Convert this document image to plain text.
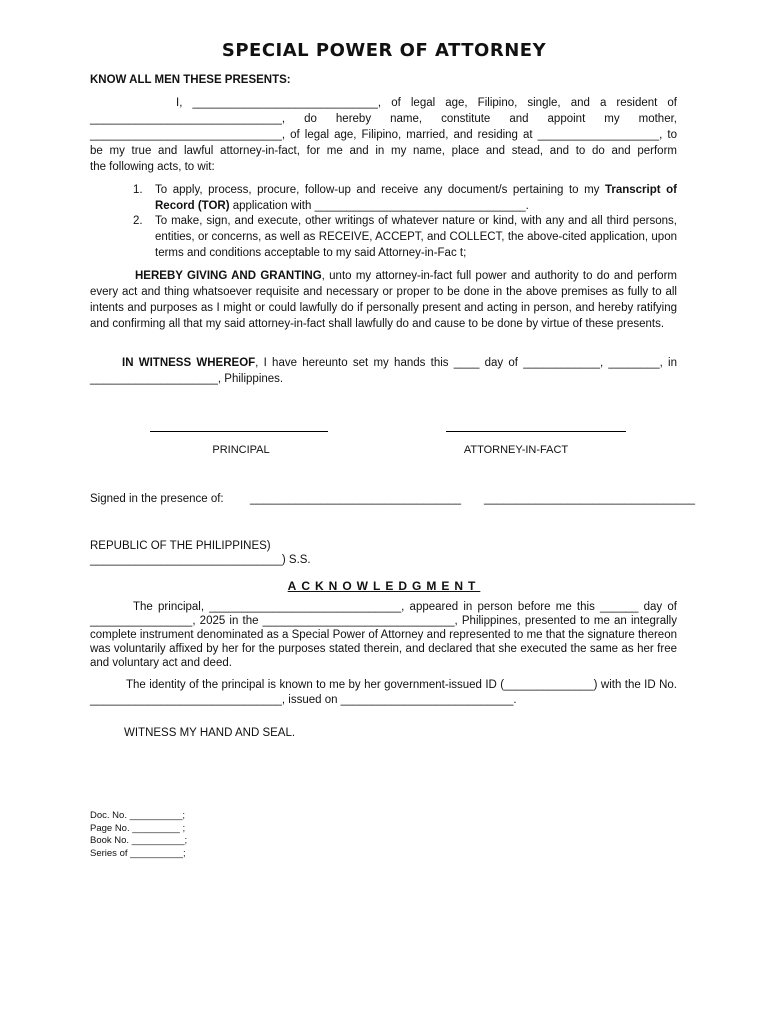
SPECIAL POWER OF ATTORNEY
KNOW ALL MEN THESE PRESENTS:
I, _____________________________, of legal age, Filipino, single, and a resident of
______________________________, do hereby name, constitute and appoint my mother,
______________________________, of legal age, Filipino, married, and residing at ___________________, to
be my true and lawful attorney-in-fact, for me and in my name, place and stead, and to do and perform
the following acts, to wit:
1. To apply, process, procure, follow-up and receive any document/s pertaining to my Transcript of Record (TOR) application with _________________________________.
2. To make, sign, and execute, other writings of whatever nature or kind, with any and all third persons, entities, or concerns, as well as RECEIVE, ACCEPT, and COLLECT, the above-cited application, upon terms and conditions acceptable to my said Attorney-in-Fac t;
HEREBY GIVING AND GRANTING, unto my attorney-in-fact full power and authority to do and perform every act and thing whatsoever requisite and necessary or proper to be done in the above premises as fully to all intents and purposes as I might or could lawfully do if personally present and acting in person, and hereby ratifying and confirming all that my said attorney-in-fact shall lawfully do and cause to be done by virtue of these presents.
IN WITNESS WHEREOF, I have hereunto set my hands this ____ day of ____________, ________, in
____________________, Philippines.
PRINCIPAL	ATTORNEY-IN-FACT
Signed in the presence of: _________________________________ _________________________________
REPUBLIC OF THE PHILIPPINES)
______________________________) S.S.
ACKNOWLEDGMENT
The principal, ______________________________, appeared in person before me this ______ day of ________________, 2025 in the ______________________________, Philippines, presented to me an integrally complete instrument denominated as a Special Power of Attorney and represented to me that the signature thereon was voluntarily affixed by her for the purposes stated therein, and declared that she executed the same as her free and voluntary act and deed.
The identity of the principal is known to me by her government-issued ID (______________) with the ID No. ______________________________, issued on ___________________________.
WITNESS MY HAND AND SEAL.
Doc. No. __________;
Page No. _________ ;
Book No. __________;
Series of __________;
